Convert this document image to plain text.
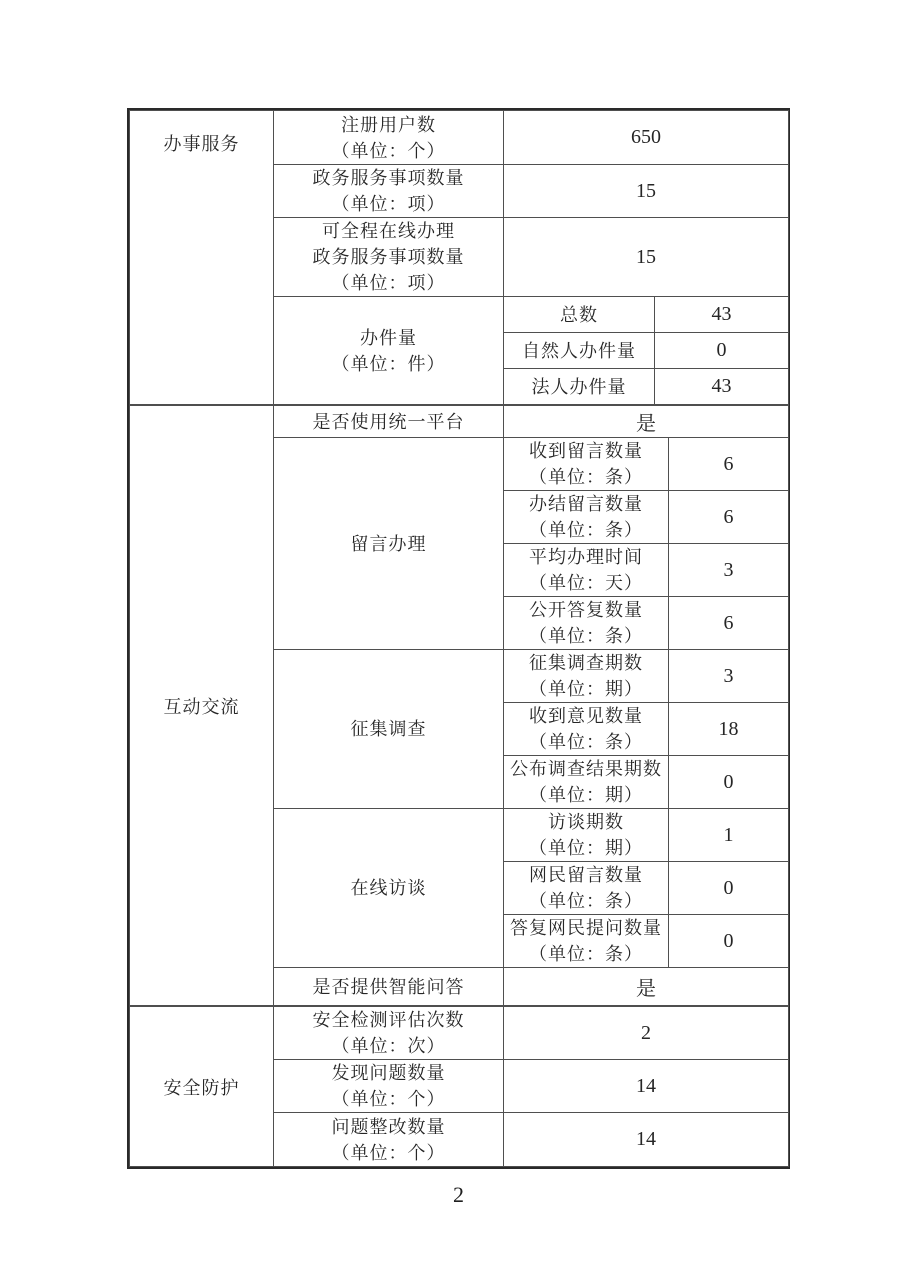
办事服务	注册用户数
（单位：个）	650	

	政务服务事项数量
（单位：项）	15	

	可全程在线办理
政务服务事项数量
（单位：项）	15	

	办件量
（单位：件）	总数	43

		自然人办件量	0

		法人办件量	43
互动交流	是否使用统一平台	是	

	留言办理	收到留言数量
（单位：条）	6

		办结留言数量
（单位：条）	6

		平均办理时间
（单位：天）	3

		公开答复数量
（单位：条）	6

	征集调查	征集调查期数
（单位：期）	3

		收到意见数量
（单位：条）	18

		公布调查结果期数
（单位：期）	0

	在线访谈	访谈期数
（单位：期）	1

		网民留言数量
（单位：条）	0

		答复网民提问数量
（单位：条）	0

	是否提供智能问答	是	
安全防护	安全检测评估次数
（单位：次）	2

	发现问题数量
（单位：个）	14

	问题整改数量
（单位：个）	14
2
